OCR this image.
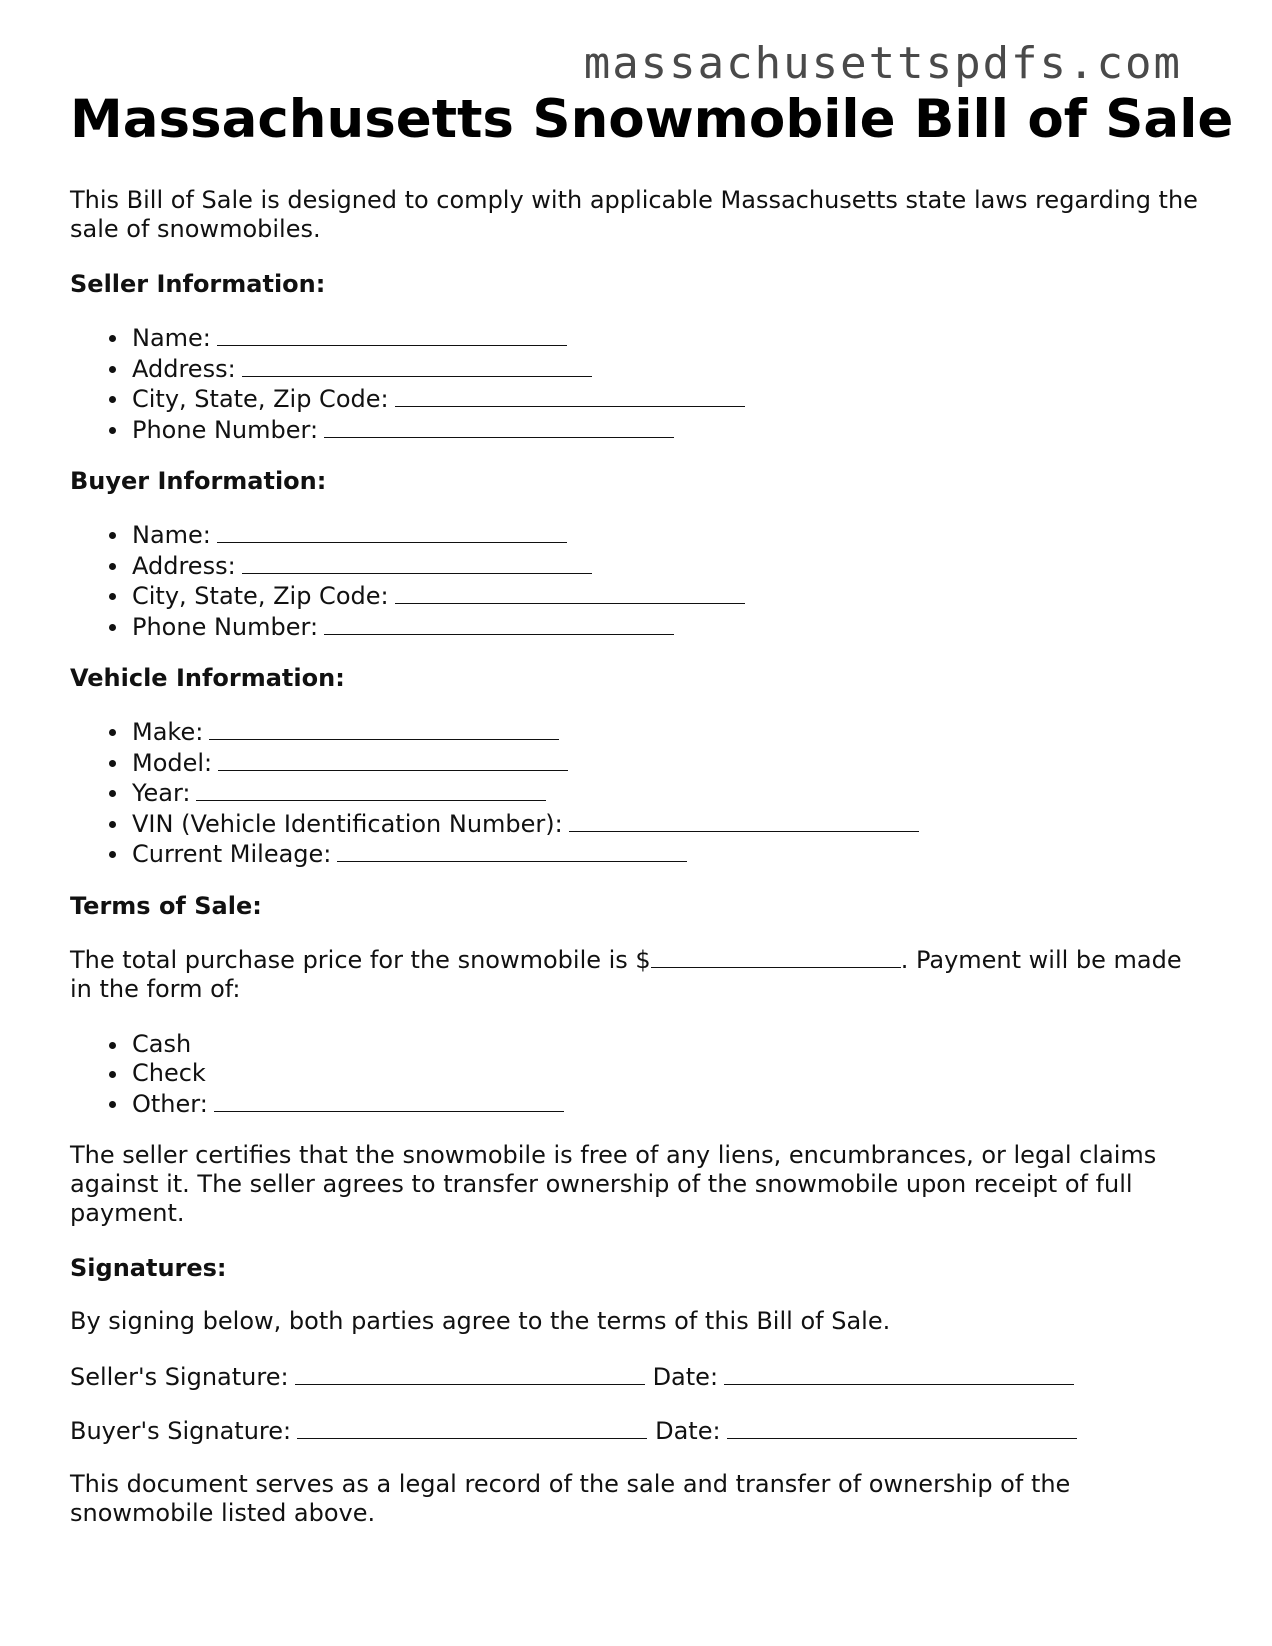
massachusettspdfs.com
Massachusetts Snowmobile Bill of Sale

This Bill of Sale is designed to comply with applicable Massachusetts state laws regarding the sale of snowmobiles.

Seller Information:
Name:
Address:
City, State, Zip Code:
Phone Number:
Buyer Information:
Name:
Address:
City, State, Zip Code:
Phone Number:
Vehicle Information:
Make:
Model:
Year:
VIN (Vehicle Identification Number):
Current Mileage:
Terms of Sale:

The total purchase price for the snowmobile is $	. Payment will be made in the form of:

Cash
Check
Other:

The seller certifies that the snowmobile is free of any liens, encumbrances, or legal claims against it. The seller agrees to transfer ownership of the snowmobile upon receipt of full payment.

Signatures:

By signing below, both parties agree to the terms of this Bill of Sale.

Seller's Signature:	Date:
Buyer's Signature:	Date:

This document serves as a legal record of the sale and transfer of ownership of the snowmobile listed above.
